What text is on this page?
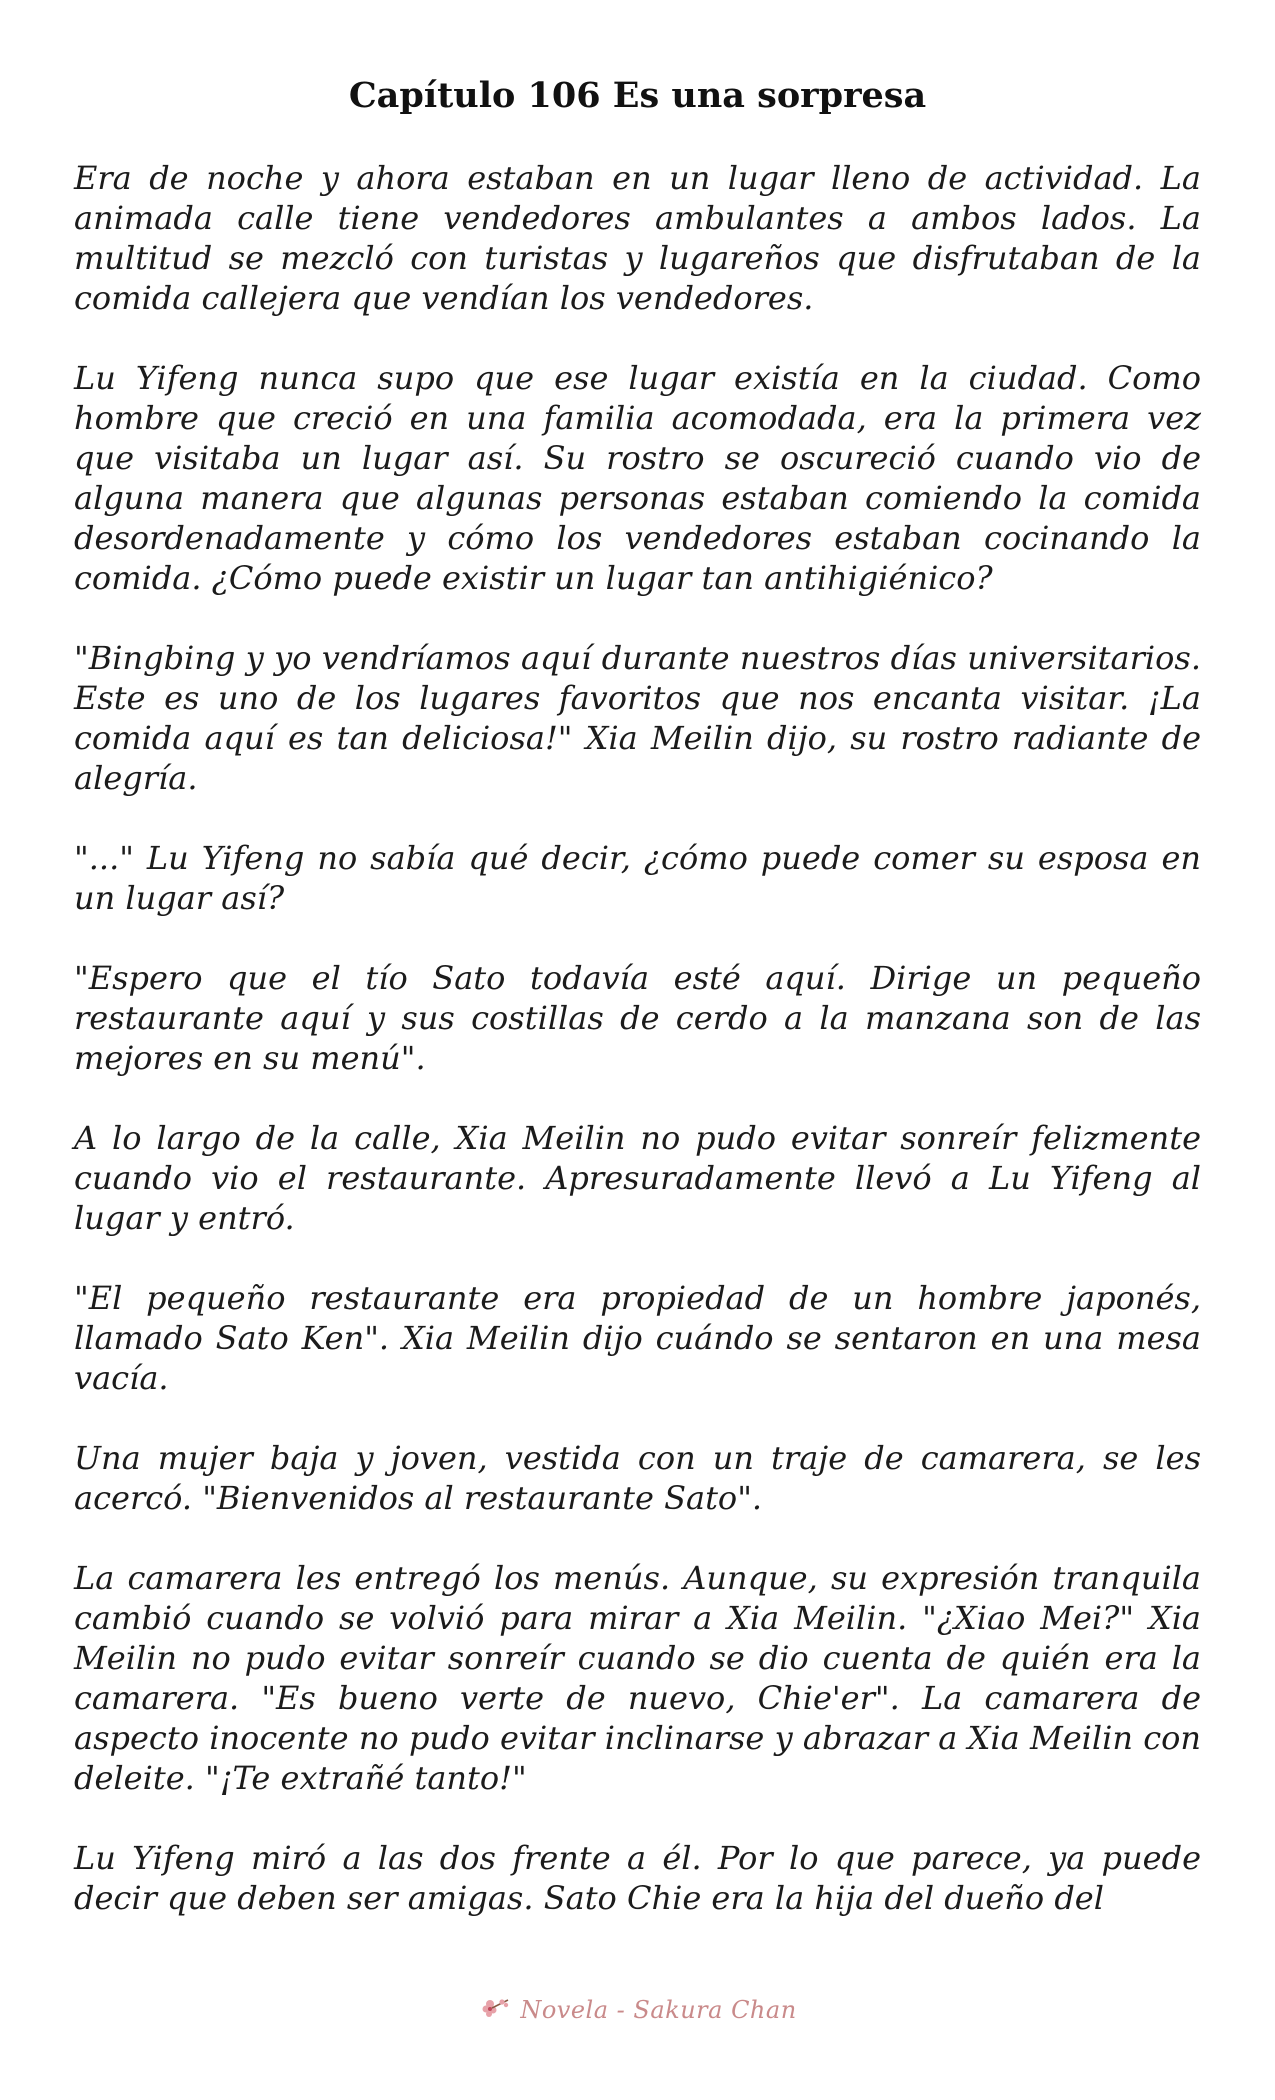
Capítulo 106 Es una sorpresa

Era de noche y ahora estaban en un lugar lleno de actividad. La animada calle tiene vendedores ambulantes a ambos lados. La multitud se mezcló con turistas y lugareños que disfrutaban de la comida callejera que vendían los vendedores.

Lu Yifeng nunca supo que ese lugar existía en la ciudad. Como hombre que creció en una familia acomodada, era la primera vez que visitaba un lugar así. Su rostro se oscureció cuando vio de alguna manera que algunas personas estaban comiendo la comida desordenadamente y cómo los vendedores estaban cocinando la comida. ¿Cómo puede existir un lugar tan antihigiénico?

"Bingbing y yo vendríamos aquí durante nuestros días universitarios. Este es uno de los lugares favoritos que nos encanta visitar. ¡La comida aquí es tan deliciosa!" Xia Meilin dijo, su rostro radiante de alegría.

"..." Lu Yifeng no sabía qué decir, ¿cómo puede comer su esposa en un lugar así?

"Espero que el tío Sato todavía esté aquí. Dirige un pequeño restaurante aquí y sus costillas de cerdo a la manzana son de las mejores en su menú".

A lo largo de la calle, Xia Meilin no pudo evitar sonreír felizmente cuando vio el restaurante. Apresuradamente llevó a Lu Yifeng al lugar y entró.

"El pequeño restaurante era propiedad de un hombre japonés, llamado Sato Ken". Xia Meilin dijo cuándo se sentaron en una mesa vacía.

Una mujer baja y joven, vestida con un traje de camarera, se les acercó. "Bienvenidos al restaurante Sato".

La camarera les entregó los menús. Aunque, su expresión tranquila cambió cuando se volvió para mirar a Xia Meilin. "¿Xiao Mei?" Xia Meilin no pudo evitar sonreír cuando se dio cuenta de quién era la camarera. "Es bueno verte de nuevo, Chie'er". La camarera de aspecto inocente no pudo evitar inclinarse y abrazar a Xia Meilin con deleite. "¡Te extrañé tanto!"

Lu Yifeng miró a las dos frente a él. Por lo que parece, ya puede decir que deben ser amigas. Sato Chie era la hija del dueño del

Novela - Sakura Chan
